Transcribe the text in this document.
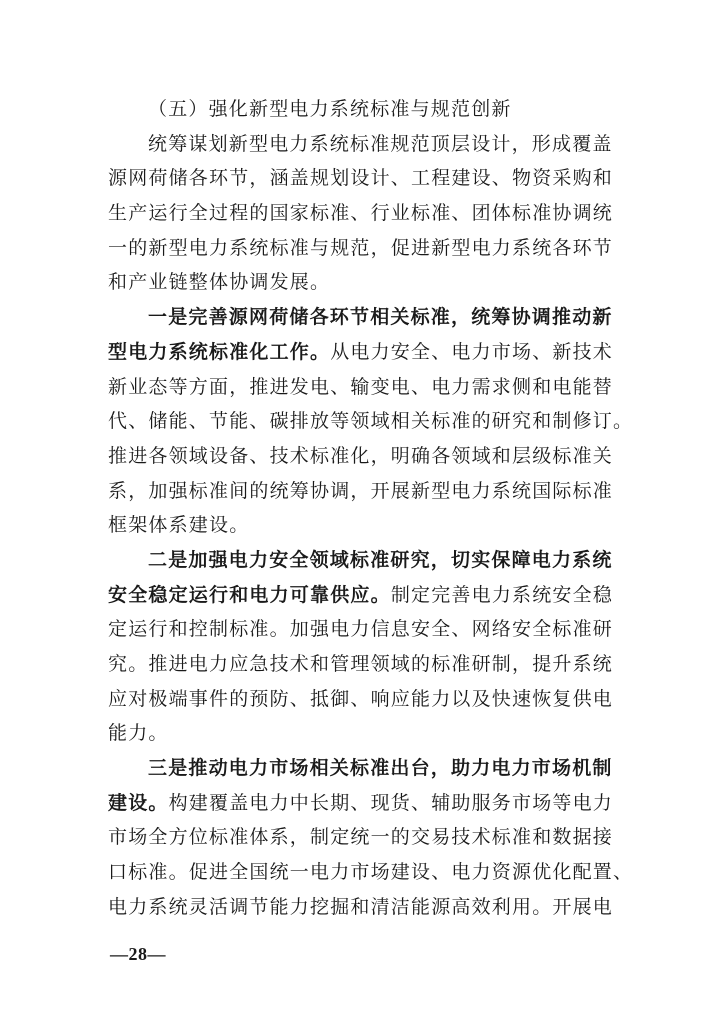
（五）强化新型电力系统标准与规范创新
统筹谋划新型电力系统标准规范顶层设计，形成覆盖
源网荷储各环节，涵盖规划设计、工程建设、物资采购和
生产运行全过程的国家标准、行业标准、团体标准协调统
一的新型电力系统标准与规范，促进新型电力系统各环节
和产业链整体协调发展。
一是完善源网荷储各环节相关标准，统筹协调推动新
型电力系统标准化工作。从电力安全、电力市场、新技术
新业态等方面，推进发电、输变电、电力需求侧和电能替
代、储能、节能、碳排放等领域相关标准的研究和制修订。
推进各领域设备、技术标准化，明确各领域和层级标准关
系，加强标准间的统筹协调，开展新型电力系统国际标准
框架体系建设。
二是加强电力安全领域标准研究，切实保障电力系统
安全稳定运行和电力可靠供应。制定完善电力系统安全稳
定运行和控制标准。加强电力信息安全、网络安全标准研
究。推进电力应急技术和管理领域的标准研制，提升系统
应对极端事件的预防、抵御、响应能力以及快速恢复供电
能力。
三是推动电力市场相关标准出台，助力电力市场机制
建设。构建覆盖电力中长期、现货、辅助服务市场等电力
市场全方位标准体系，制定统一的交易技术标准和数据接
口标准。促进全国统一电力市场建设、电力资源优化配置、
电力系统灵活调节能力挖掘和清洁能源高效利用。开展电
—28—
